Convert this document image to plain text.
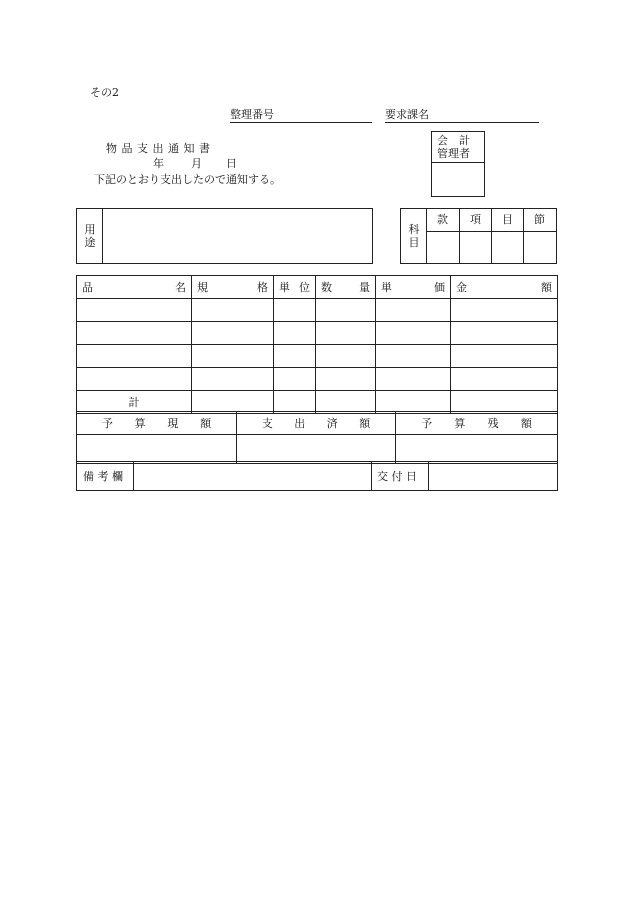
その2
整理番号	要求課名
物 品 支 出 通 知 書
年 月 日
下記のとおり支出したので通知する。
会　計
管理者
用
途
科
目
款 項 目 節
品 名	規 格	単 位	数 量	単 価	金 額

計					

予 算 現 額	支 出 済 額	予 算 残 額

備 考 欄		交 付 日	
